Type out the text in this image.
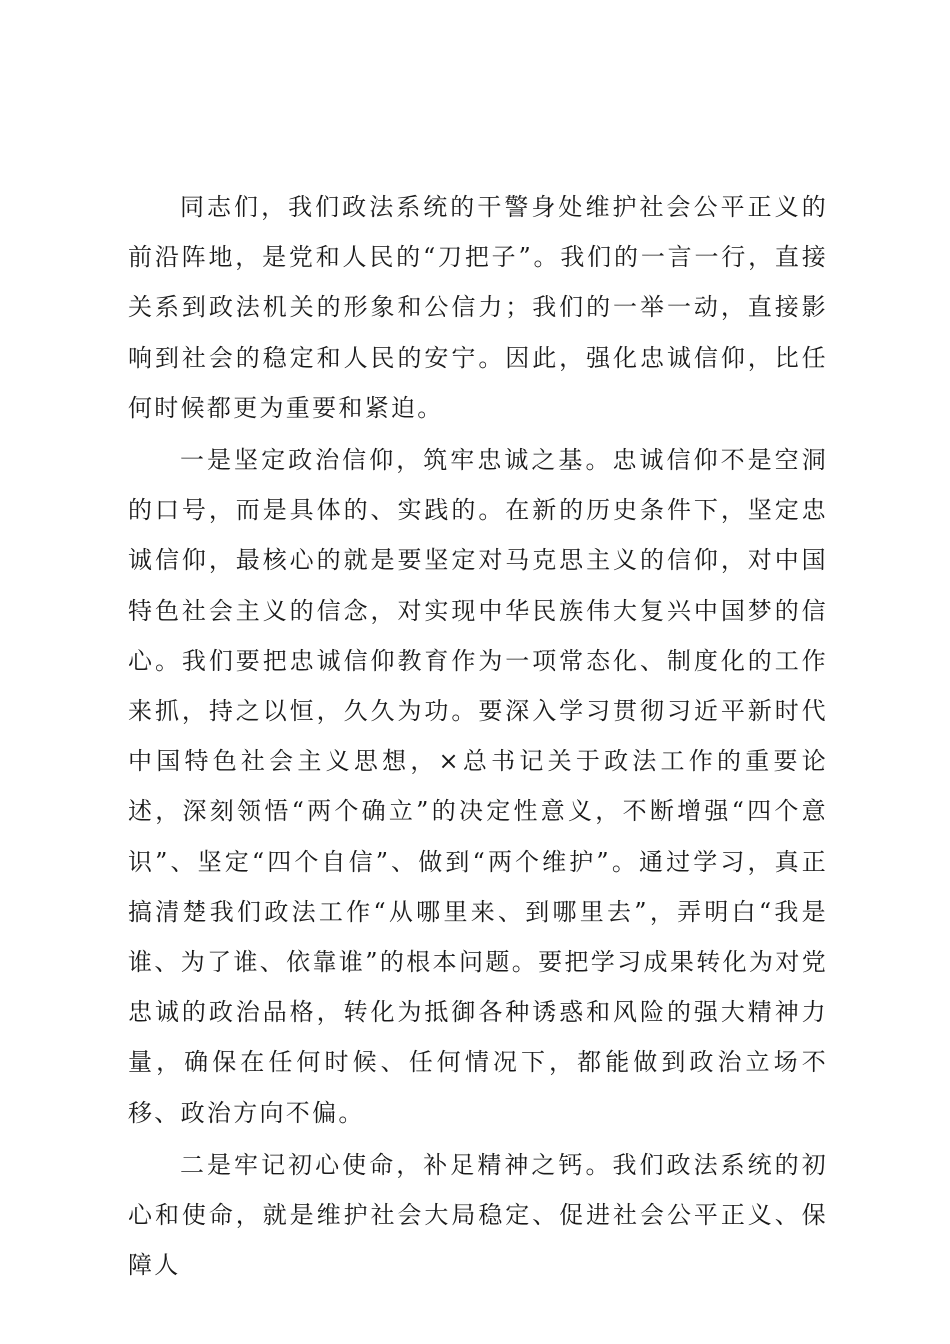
同志们，我们政法系统的干警身处维护社会公平正义的前沿阵地，是党和人民的“刀把子”。我们的一言一行，直接关系到政法机关的形象和公信力；我们的一举一动，直接影响到社会的稳定和人民的安宁。因此，强化忠诚信仰，比任何时候都更为重要和紧迫。

一是坚定政治信仰，筑牢忠诚之基。忠诚信仰不是空洞的口号，而是具体的、实践的。在新的历史条件下，坚定忠诚信仰，最核心的就是要坚定对马克思主义的信仰，对中国特色社会主义的信念，对实现中华民族伟大复兴中国梦的信心。我们要把忠诚信仰教育作为一项常态化、制度化的工作来抓，持之以恒，久久为功。要深入学习贯彻习近平新时代中国特色社会主义思想，×总书记关于政法工作的重要论述，深刻领悟“两个确立”的决定性意义，不断增强“四个意识”、坚定“四个自信”、做到“两个维护”。通过学习，真正搞清楚我们政法工作“从哪里来、到哪里去”，弄明白“我是谁、为了谁、依靠谁”的根本问题。要把学习成果转化为对党忠诚的政治品格，转化为抵御各种诱惑和风险的强大精神力量，确保在任何时候、任何情况下，都能做到政治立场不移、政治方向不偏。

二是牢记初心使命，补足精神之钙。我们政法系统的初心和使命，就是维护社会大局稳定、促进社会公平正义、保障人
